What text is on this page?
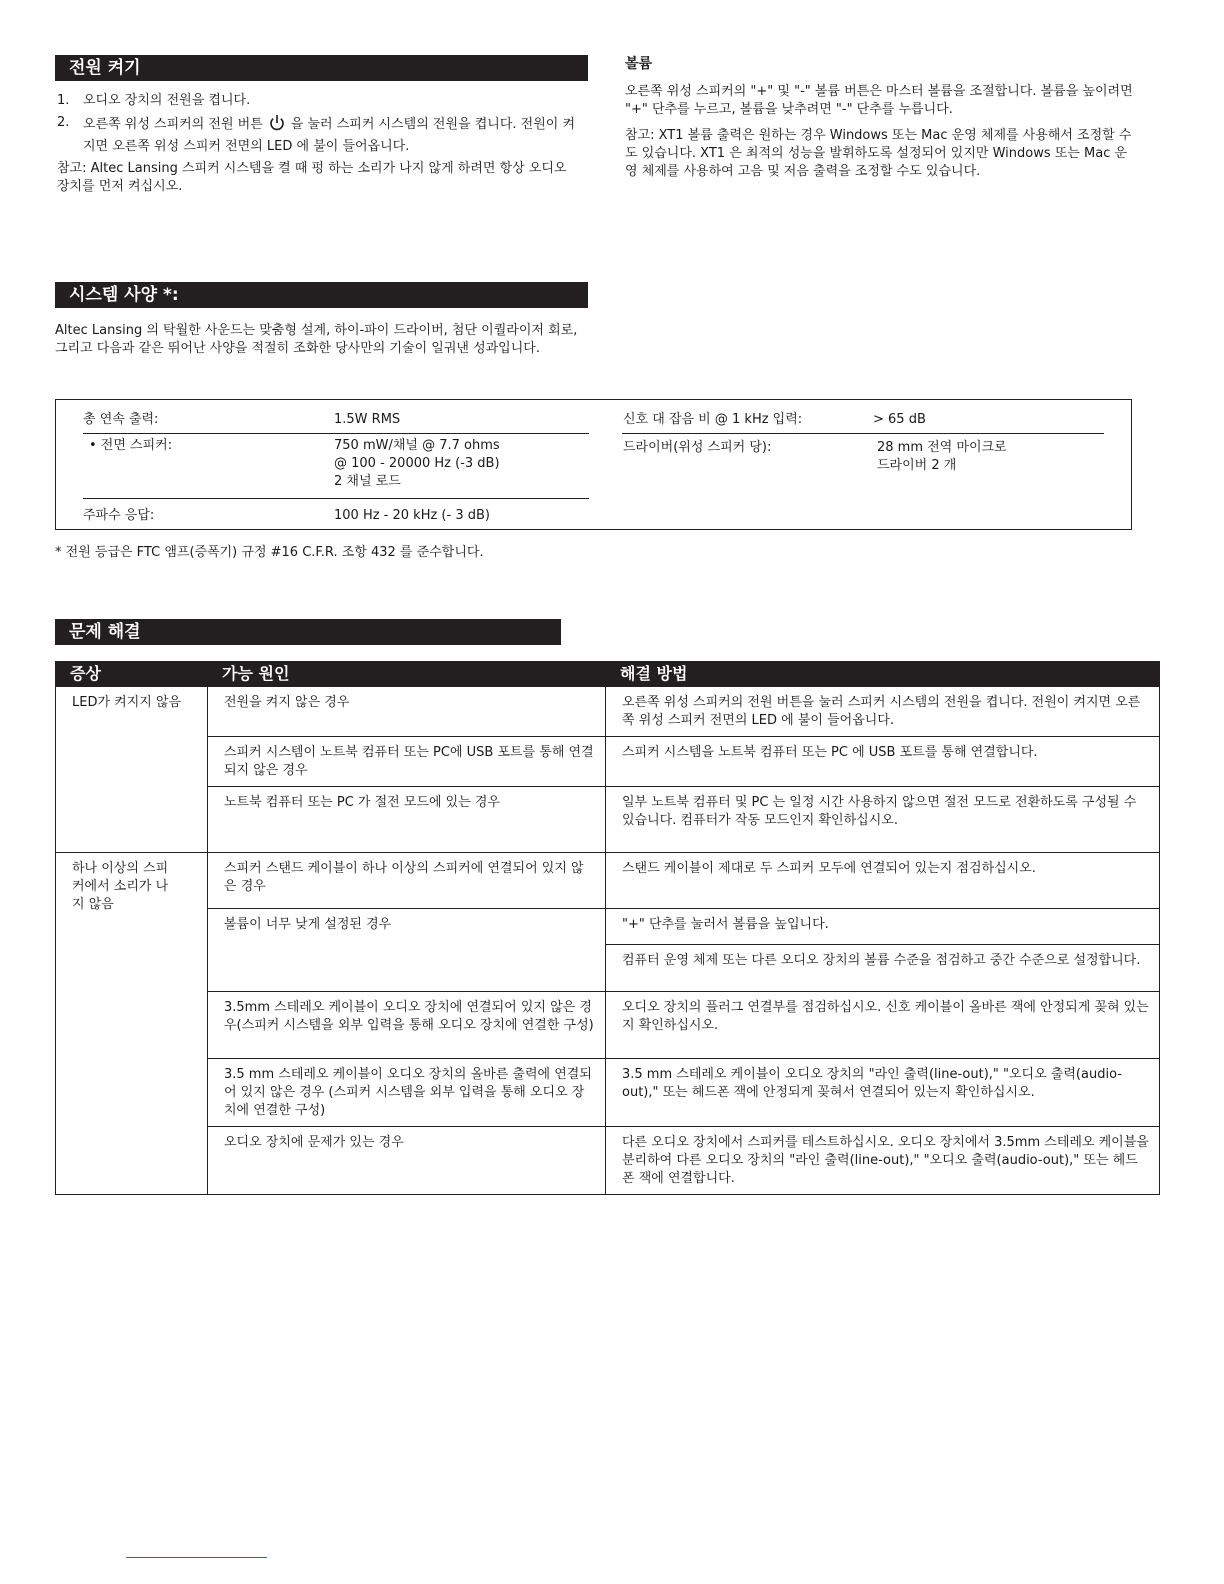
전원 켜기
1. 오디오 장치의 전원을 켭니다.
2. 오른쪽 위성 스피커의 전원 버튼 을 눌러 스피커 시스템의 전원을 켭니다. 전원이 켜지면 오른쪽 위성 스피커 전면의 LED 에 불이 들어옵니다.

참고: Altec Lansing 스피커 시스템을 켤 때 펑 하는 소리가 나지 않게 하려면 항상 오디오 장치를 먼저 켜십시오.

볼륨

오른쪽 위성 스피커의 "+" 및 "-" 볼륨 버튼은 마스터 볼륨을 조절합니다. 볼륨을 높이려면 "+" 단추를 누르고, 볼륨을 낮추려면 "-" 단추를 누릅니다.

참고: XT1 볼륨 출력은 원하는 경우 Windows 또는 Mac 운영 체제를 사용해서 조정할 수도 있습니다. XT1 은 최적의 성능을 발휘하도록 설정되어 있지만 Windows 또는 Mac 운영 체제를 사용하여 고음 및 저음 출력을 조정할 수도 있습니다.

시스템 사양 *:

Altec Lansing 의 탁월한 사운드는 맞춤형 설계, 하이-파이 드라이버, 첨단 이퀄라이저 회로, 그리고 다음과 같은 뛰어난 사양을 적절히 조화한 당사만의 기술이 일궈낸 성과입니다.

총 연속 출력:	1.5W RMS
• 전면 스피커:	750 mW/채널 @ 7.7 ohms
@ 100 - 20000 Hz (-3 dB)
2 채널 로드
주파수 응답:	100 Hz - 20 kHz (- 3 dB)
신호 대 잡음 비 @ 1 kHz 입력:	> 65 dB
드라이버(위성 스피커 당):	28 mm 전역 마이크로
드라이버 2 개

* 전원 등급은 FTC 앰프(증폭기) 규정 #16 C.F.R. 조항 432 를 준수합니다.

문제 해결
증상	가능 원인	해결 방법
LED가 켜지지 않음	전원을 켜지 않은 경우	오른쪽 위성 스피커의 전원 버튼을 눌러 스피커 시스템의 전원을 켭니다. 전원이 켜지면 오른쪽 위성 스피커 전면의 LED 에 불이 들어옵니다.
	스피커 시스템이 노트북 컴퓨터 또는 PC에 USB 포트를 통해 연결되지 않은 경우	스피커 시스템을 노트북 컴퓨터 또는 PC 에 USB 포트를 통해 연결합니다.
	노트북 컴퓨터 또는 PC 가 절전 모드에 있는 경우	일부 노트북 컴퓨터 및 PC 는 일정 시간 사용하지 않으면 절전 모드로 전환하도록 구성될 수 있습니다. 컴퓨터가 작동 모드인지 확인하십시오.
하나 이상의 스피커에서 소리가 나지 않음	스피커 스탠드 케이블이 하나 이상의 스피커에 연결되어 있지 않은 경우	스탠드 케이블이 제대로 두 스피커 모두에 연결되어 있는지 점검하십시오.
	볼륨이 너무 낮게 설정된 경우	"+" 단추를 눌러서 볼륨을 높입니다.
		컴퓨터 운영 체제 또는 다른 오디오 장치의 볼륨 수준을 점검하고 중간 수준으로 설정합니다.
	3.5mm 스테레오 케이블이 오디오 장치에 연결되어 있지 않은 경우(스피커 시스템을 외부 입력을 통해 오디오 장치에 연결한 구성)	오디오 장치의 플러그 연결부를 점검하십시오. 신호 케이블이 올바른 잭에 안정되게 꽂혀 있는지 확인하십시오.
	3.5 mm 스테레오 케이블이 오디오 장치의 올바른 출력에 연결되어 있지 않은 경우 (스피커 시스템을 외부 입력을 통해 오디오 장치에 연결한 구성)	3.5 mm 스테레오 케이블이 오디오 장치의 "라인 출력(line-out)," "오디오 출력(audio-out)," 또는 헤드폰 잭에 안정되게 꽂혀서 연결되어 있는지 확인하십시오.
	오디오 장치에 문제가 있는 경우	다른 오디오 장치에서 스피커를 테스트하십시오. 오디오 장치에서 3.5mm 스테레오 케이블을 분리하여 다른 오디오 장치의 "라인 출력(line-out)," "오디오 출력(audio-out)," 또는 헤드폰 잭에 연결합니다.
